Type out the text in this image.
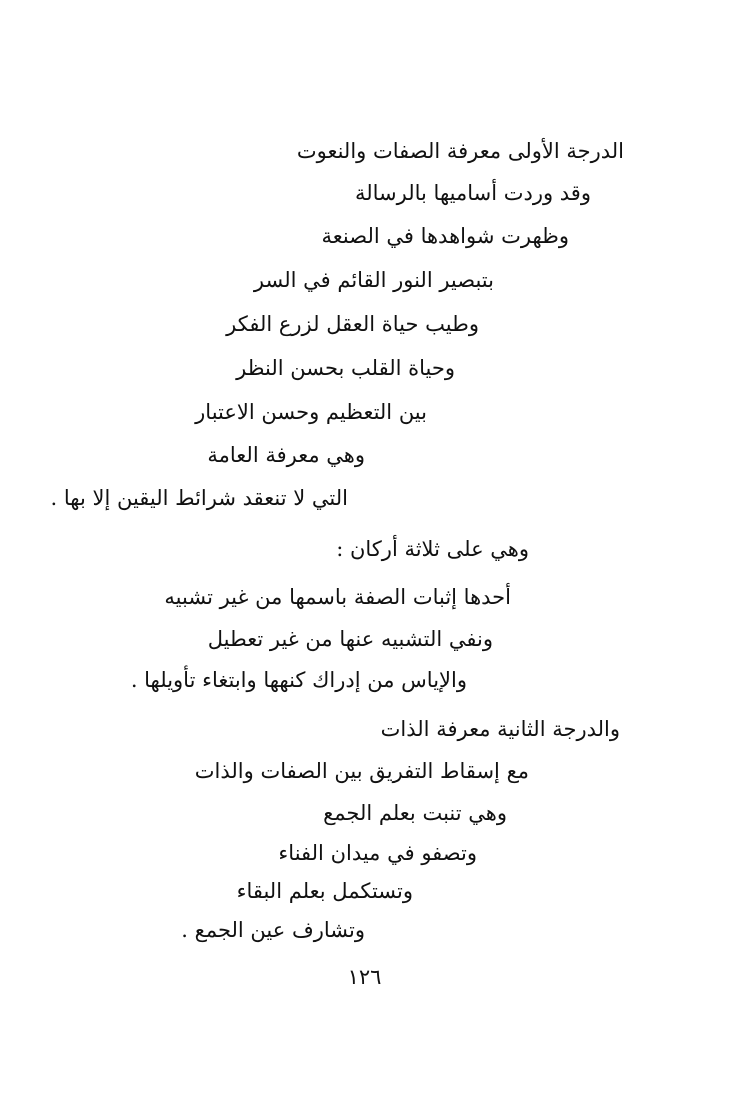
الدرجة الأولى معرفة الصفات والنعوت
وقد وردت أساميها بالرسالة
وظهرت شواهدها في الصنعة
بتبصير النور القائم في السر
وطيب حياة العقل لزرع الفكر
وحياة القلب بحسن النظر
بين التعظيم وحسن الاعتبار
وهي معرفة العامة
التي لا تنعقد شرائط اليقين إلا بها .
وهي على ثلاثة أركان :
أحدها إثبات الصفة باسمها من غير تشبيه
ونفي التشبيه عنها من غير تعطيل
والإياس من إدراك كنهها وابتغاء تأويلها .
والدرجة الثانية معرفة الذات
مع إسقاط التفريق بين الصفات والذات
وهي تنبت بعلم الجمع
وتصفو في ميدان الفناء
وتستكمل بعلم البقاء
وتشارف عين الجمع .
١٢٦
